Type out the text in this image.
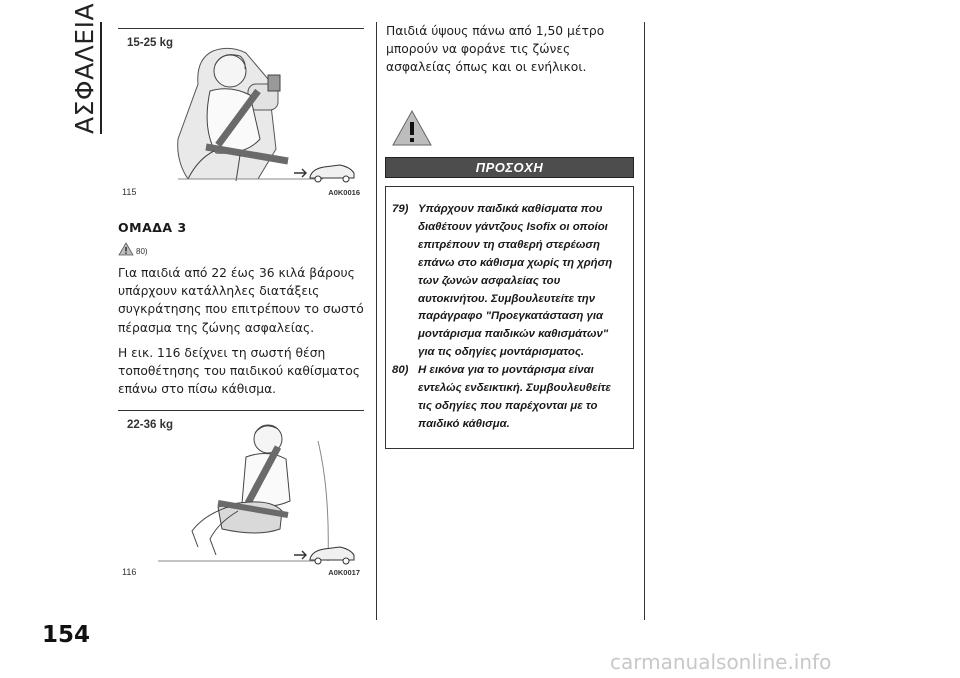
ΑΣΦΑΛΕΙΑ 15-25 kg
115	A0K0016
ΟΜΑΔΑ 3
80)

Για παιδιά από 22 έως 36 κιλά βάρους υπάρχουν κατάλληλες διατάξεις συγκράτησης που επιτρέπουν το σωστό πέρασμα της ζώνης ασφαλείας.

Η εικ. 116 δείχνει τη σωστή θέση τοποθέτησης του παιδικού καθίσματος επάνω στο πίσω κάθισμα.

22-36 kg
116	A0K0017
Παιδιά ύψους πάνω από 1,50 μέτρο μπορούν να φοράνε τις ζώνες ασφαλείας όπως και οι ενήλικοι.
ΠΡΟΣΟΧΗ
79) Υπάρχουν παιδικά καθίσματα που διαθέτουν γάντζους Isofix οι οποίοι επιτρέπουν τη σταθερή στερέωση επάνω στο κάθισμα χωρίς τη χρήση των ζωνών ασφαλείας του αυτοκινήτου. Συμβουλευτείτε την παράγραφο "Προεγκατάσταση για μοντάρισμα παιδικών καθισμάτων" για τις οδηγίες μοντάρισματος.
80) Η εικόνα για το μοντάρισμα είναι εντελώς ενδεικτική. Συμβουλευθείτε τις οδηγίες που παρέχονται με το παιδικό κάθισμα.
154
carmanualsonline.info
